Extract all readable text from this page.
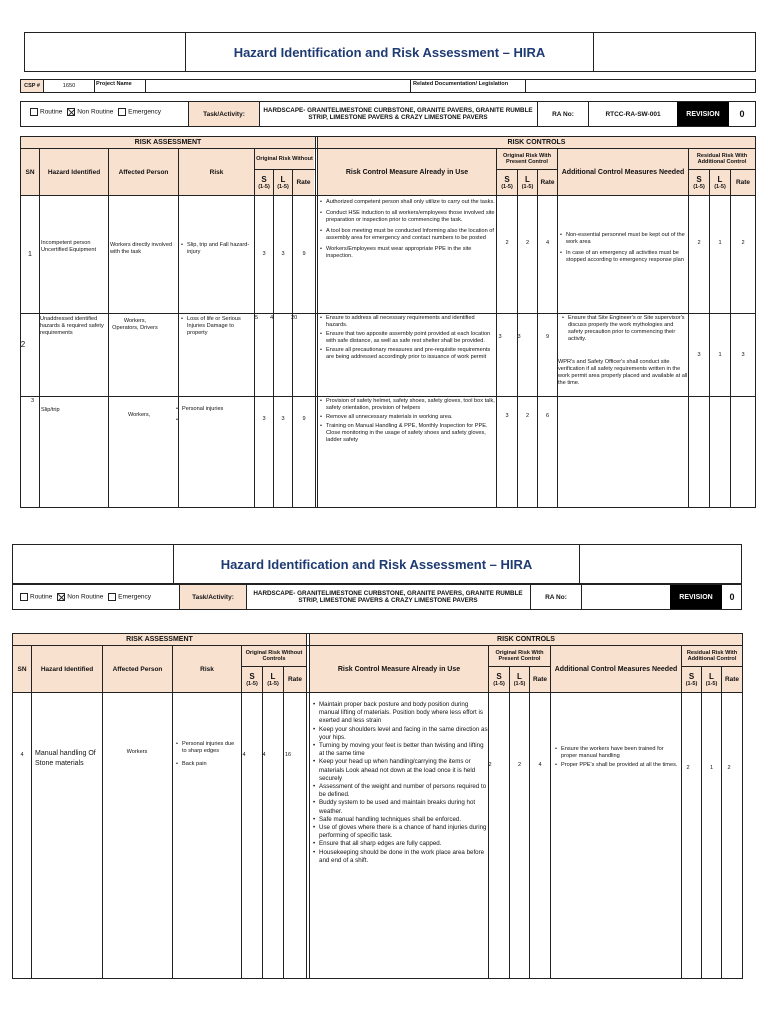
Hazard Identification and Risk Assessment – HIRA
CSP #	1650	Project Name	Related Documentation/ Legislation
Routine Non Routine Emergency	Task/Activity:	HARDSCAPE- GRANITELIMESTONE CURBSTONE, GRANITE PAVERS, GRANITE RUMBLE STRIP, LIMESTONE PAVERS & CRAZY LIMESTONE PAVERS	RA No:	RTCC-RA-SW-001	REVISION	0
RISK ASSESSMENT	RISK CONTROLS
SN	Hazard Identified	Affected Person	Risk
Original Risk Without
S
(1-5)
L
(1-5)
Rate
Risk Control Measure Already in Use
Original Risk With Present Control
S
(1-5)
L
(1-5)
Rate
Additional Control Measures Needed
Residual Risk With Additional Control
S
(1-5)
L
(1-5)
Rate
1
Incompetent person Uncertified Equipment
Workers directly involved with the task
• Slip, trip and Fall hazard-injury	3	3	9
• Authorized competent person shall only utilize to carry out the tasks.
• Conduct HSE induction to all workers/employees those involved site preparation or inspection prior to commencing the task.
• A tool box meeting must be conducted Informing also the location of assembly area for emergency and contact numbers to be posted
• Workers/Employees must wear appropriate PPE in the site inspection.
2	2	4
• Non-essential personnel must be kept out of the work area
• In case of an emergency all activities must be stopped according to emergency response plan
2	1	2
2
Unaddressed identified hazards & required safety requirements
Workers, Operators, Drivers
• Loss of life or Serious Injuries Damage to property
5	4	20
•	Ensure to address all necessary requirements and identified hazards.
• Ensure that two apposite assembly point provided at each location with safe distance, as well as safe rest shelter shall be provided.
• Ensure all precautionary measures and pre-requisite requirements are being addressed accordingly prior to issuance of work permit
3	3	9
• Ensure that Site Engineer's or Site supervisor's discuss properly the work mythologies and safety precaution prior to commencing their activity.
WPR's and Safety Officer's shall conduct site verification if all safety requirements written in the work permit area properly placed and available at all the time.
3	1	3
3
Slip/trip
Workers,
• Personal injuries
3	3	9
• Provision of safety helmet, safety shoes, safety gloves, tool box talk, safety orientation, provision of helpers
• Remove all unnecessary materials in working area.
• Training on Manual Handling & PPE, Monthly Inspection for PPE. Close monitoring in the usage of safety shoes and safety gloves, ladder safety
3	2	6
Hazard Identification and Risk Assessment – HIRA
Routine Non Routine Emergency	Task/Activity:	HARDSCAPE- GRANITELIMESTONE CURBSTONE, GRANITE PAVERS, GRANITE RUMBLE STRIP, LIMESTONE PAVERS & CRAZY LIMESTONE PAVERS	RA No:	REVISION	0
RISK ASSESSMENT	RISK CONTROLS
SN	Hazard Identified	Affected Person	Risk
Original Risk Without Controls
S
(1-5)
L
(1-5)
Rate
Risk Control Measure Already in Use
Original Risk With Present Control
S
(1-5)
L
(1-5)
Rate
Additional Control Measures Needed
Residual Risk With Additional Control
S
(1-5)
L
(1-5)
Rate
4	Manual handling Of Stone materials
Workers
• Personal injuries due to sharp edges
• Back pain
4	4	16
• Maintain proper back posture and body position during manual lifting of materials. Position body where less effort is exerted and less strain
• Keep your shoulders level and facing in the same direction as your hips.
• Turning by moving your feet is better than twisting and lifting at the same time
• Keep your head up when handling/carrying the items or materials Look ahead not down at the load once it is held securely
• Assessment of the weight and number of persons required to be defined.
• Buddy system to be used and maintain breaks during hot weather.
• Safe manual handling techniques shall be enforced.
• Use of gloves where there is a chance of hand injuries during performing of specific task.
• Ensure that all sharp edges are fully capped.
• Housekeeping should be done in the work place area before and end of a shift.
2	2	4
• Ensure the workers have been trained for proper manual handling
• Proper PPE's shall be provided at all the times.	2	1	2
